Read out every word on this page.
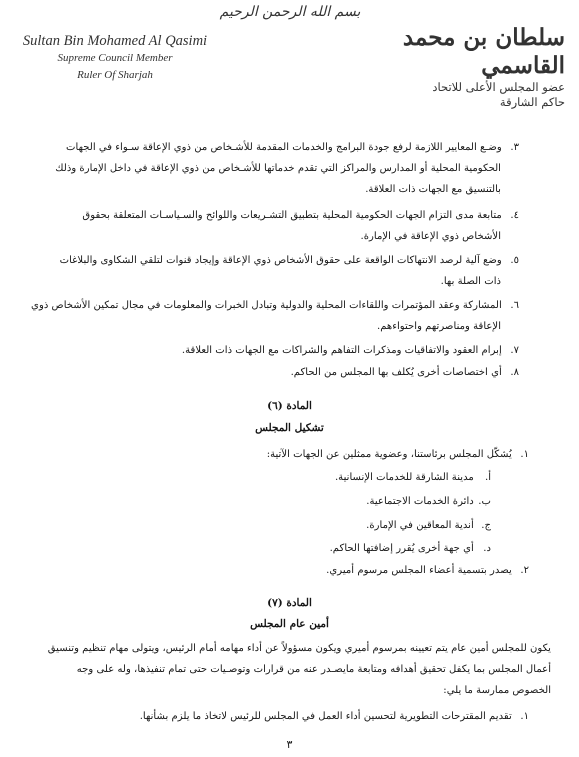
Sultan Bin Mohamed Al Qasimi
Supreme Council Member
Ruler Of Sharjah
بسم الله الرحمن الرحيم
سلطان بن محمد القاسمي
عضو المجلس الأعلى للاتحاد
حاكم الشارقة
٣. وضـع المعايير اللازمة لرفع جودة البرامج والخدمات المقدمة للأشـخاص من ذوي الإعاقة سـواء في الجهات
الحكومية المحلية أو المدارس والمراكز التي تقدم خدماتها للأشـخاص من ذوي الإعاقة في داخل الإمارة وذلك
بالتنسيق مع الجهات ذات العلاقة.
٤. متابعة مدى التزام الجهات الحكومية المحلية بتطبيق التشـريعات واللوائح والسـياسـات المتعلقة بحقوق
الأشخاص ذوي الإعاقة في الإمارة.
٥. وضع آلية لرصد الانتهاكات الواقعة على حقوق الأشخاص ذوي الإعاقة وإيجاد قنوات لتلقي الشكاوى والبلاغات
ذات الصلة بها.
٦. المشاركة وعقد المؤتمرات واللقاءات المحلية والدولية وتبادل الخبرات والمعلومات في مجال تمكين الأشخاص ذوي
الإعاقة ومناصرتهم واحتواءهم.
٧. إبرام العقود والاتفاقيات ومذكرات التفاهم والشراكات مع الجهات ذات العلاقة.
٨. أي اختصاصات أخرى يُكلف بها المجلس من الحاكم.
المادة (٦)
تشكيل المجلس
١. يُشكّل المجلس برئاستنا، وعضوية ممثلين عن الجهات الآتية:
أ. مدينة الشارقة للخدمات الإنسانية.
ب. دائرة الخدمات الاجتماعية.
ج. أندية المعاقين في الإمارة.
د. أي جهة أخرى يُقرر إضافتها الحاكم.
٢. يصدر بتسمية أعضاء المجلس مرسوم أميري.
المادة (٧)
أمين عام المجلس
يكون للمجلس أمين عام يتم تعيينه بمرسوم أميري ويكون مسؤولاً عن أداء مهامه أمام الرئيس، ويتولى مهام تنظيم وتنسيق
أعمال المجلس بما يكفل تحقيق أهدافه ومتابعة مايصـدر عنه من قرارات وتوصـيات حتى تمام تنفيذها، وله على وجه
الخصوص ممارسة ما يلي:
١. تقديم المقترحات التطويرية لتحسين أداء العمل في المجلس للرئيس لاتخاذ ما يلزم بشأنها.
٣
